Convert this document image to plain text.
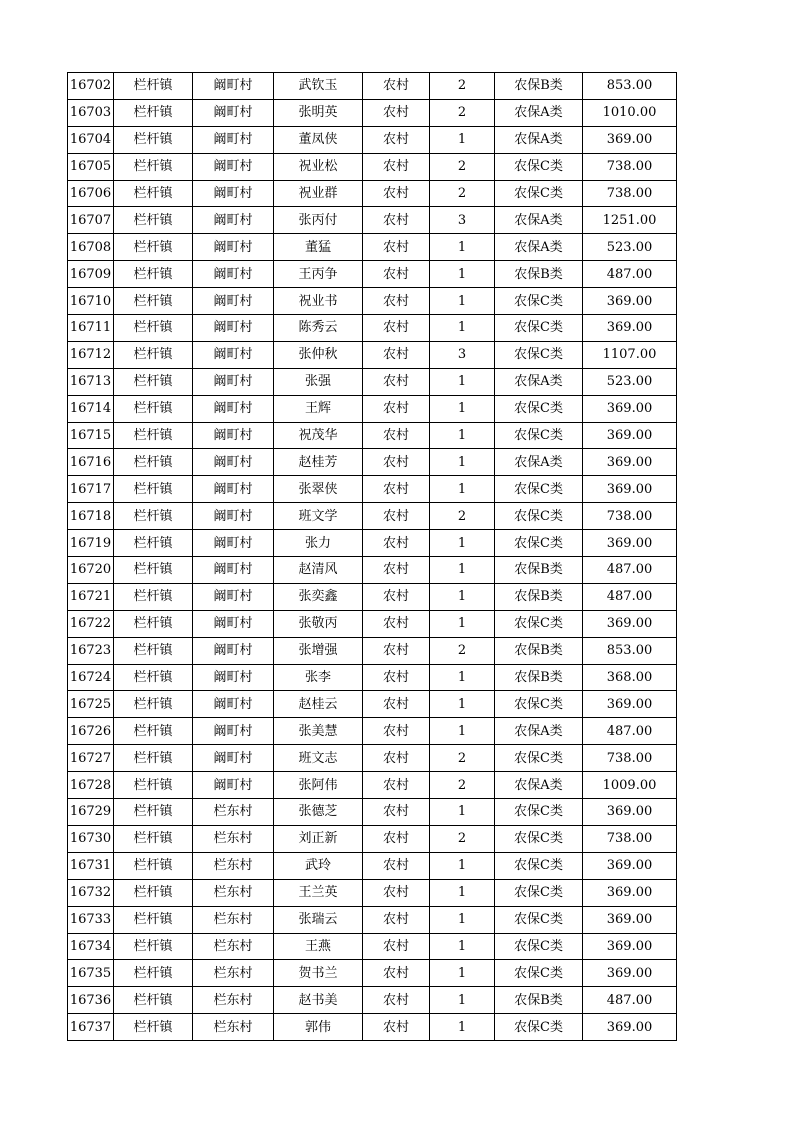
16702	栏杆镇	阚町村	武钦玉	农村	2	农保B类	853.00
16703	栏杆镇	阚町村	张明英	农村	2	农保A类	1010.00
16704	栏杆镇	阚町村	董凤侠	农村	1	农保A类	369.00
16705	栏杆镇	阚町村	祝业松	农村	2	农保C类	738.00
16706	栏杆镇	阚町村	祝业群	农村	2	农保C类	738.00
16707	栏杆镇	阚町村	张丙付	农村	3	农保A类	1251.00
16708	栏杆镇	阚町村	董猛	农村	1	农保A类	523.00
16709	栏杆镇	阚町村	王丙争	农村	1	农保B类	487.00
16710	栏杆镇	阚町村	祝业书	农村	1	农保C类	369.00
16711	栏杆镇	阚町村	陈秀云	农村	1	农保C类	369.00
16712	栏杆镇	阚町村	张仲秋	农村	3	农保C类	1107.00
16713	栏杆镇	阚町村	张强	农村	1	农保A类	523.00
16714	栏杆镇	阚町村	王辉	农村	1	农保C类	369.00
16715	栏杆镇	阚町村	祝茂华	农村	1	农保C类	369.00
16716	栏杆镇	阚町村	赵桂芳	农村	1	农保A类	369.00
16717	栏杆镇	阚町村	张翠侠	农村	1	农保C类	369.00
16718	栏杆镇	阚町村	班文学	农村	2	农保C类	738.00
16719	栏杆镇	阚町村	张力	农村	1	农保C类	369.00
16720	栏杆镇	阚町村	赵清风	农村	1	农保B类	487.00
16721	栏杆镇	阚町村	张奕鑫	农村	1	农保B类	487.00
16722	栏杆镇	阚町村	张敬丙	农村	1	农保C类	369.00
16723	栏杆镇	阚町村	张增强	农村	2	农保B类	853.00
16724	栏杆镇	阚町村	张李	农村	1	农保B类	368.00
16725	栏杆镇	阚町村	赵桂云	农村	1	农保C类	369.00
16726	栏杆镇	阚町村	张美慧	农村	1	农保A类	487.00
16727	栏杆镇	阚町村	班文志	农村	2	农保C类	738.00
16728	栏杆镇	阚町村	张阿伟	农村	2	农保A类	1009.00
16729	栏杆镇	栏东村	张德芝	农村	1	农保C类	369.00
16730	栏杆镇	栏东村	刘正新	农村	2	农保C类	738.00
16731	栏杆镇	栏东村	武玲	农村	1	农保C类	369.00
16732	栏杆镇	栏东村	王兰英	农村	1	农保C类	369.00
16733	栏杆镇	栏东村	张瑞云	农村	1	农保C类	369.00
16734	栏杆镇	栏东村	王燕	农村	1	农保C类	369.00
16735	栏杆镇	栏东村	贺书兰	农村	1	农保C类	369.00
16736	栏杆镇	栏东村	赵书美	农村	1	农保B类	487.00
16737	栏杆镇	栏东村	郭伟	农村	1	农保C类	369.00
